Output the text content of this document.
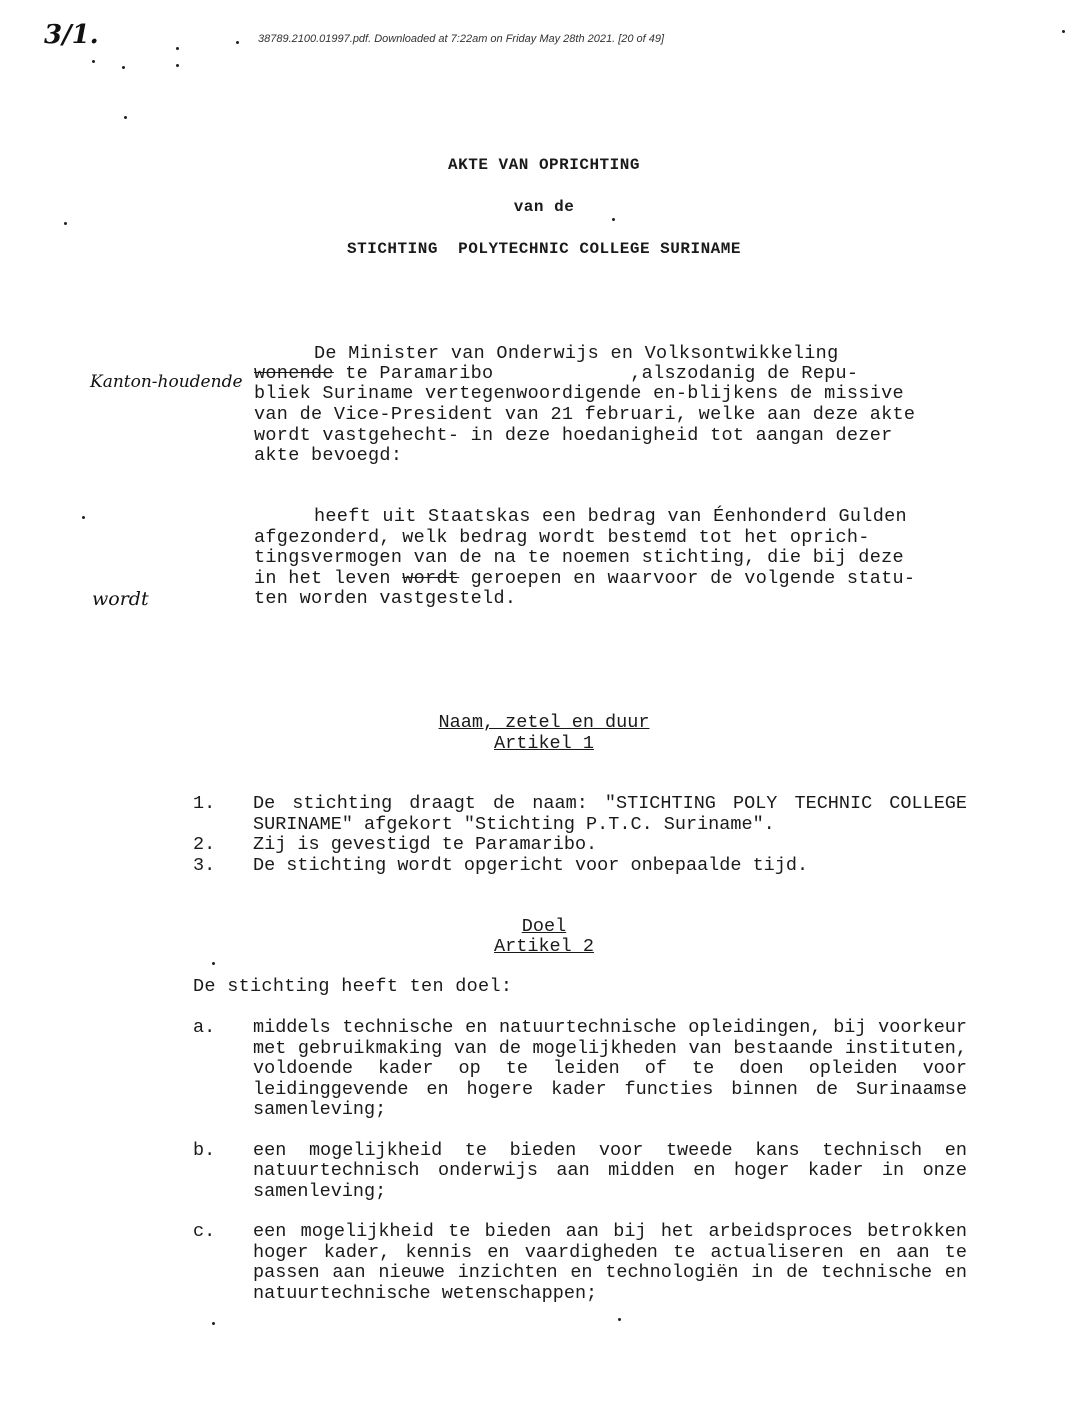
3/1.	38789.2100.01997.pdf. Downloaded at 7:22am on Friday May 28th 2021. [20 of 49]
AKTE VAN OPRICHTING
van de
STICHTING  POLYTECHNIC COLLEGE SURINAME
Kanton-houdende
wordt
De Minister van Onderwijs en Volksontwikkeling
wonende te Paramaribo            ,alszodanig de Repu-
bliek Suriname vertegenwoordigende en-blijkens de missive
van de Vice-President van 21 februari, welke aan deze akte
wordt vastgehecht- in deze hoedanigheid tot aangan dezer
akte bevoegd:
heeft uit Staatskas een bedrag van Éenhonderd Gulden
afgezonderd, welk bedrag wordt bestemd tot het oprich-
tingsvermogen van de na te noemen stichting, die bij deze
in het leven wordt geroepen en waarvoor de volgende statu-
ten worden vastgesteld.
Naam, zetel en duur
Artikel 1
1.	De stichting draagt de naam: "STICHTING POLY TECHNIC COLLEGE SURINAME" afgekort "Stichting P.T.C. Suriname".
2.	Zij is gevestigd te Paramaribo.
3.	De stichting wordt opgericht voor onbepaalde tijd.
Doel
Artikel 2
De stichting heeft ten doel:
a.	middels technische en natuurtechnische opleidingen, bij voorkeur met gebruikmaking van de mogelijkheden van bestaande instituten, voldoende kader op te leiden of te doen opleiden voor leidinggevende en hogere kader functies binnen de Surinaamse samenleving;
b.	een mogelijkheid te bieden voor tweede kans technisch en natuurtechnisch onderwijs aan midden en hoger kader in onze samenleving;
c.	een mogelijkheid te bieden aan bij het arbeidsproces betrokken hoger kader, kennis en vaardigheden te actualiseren en aan te passen aan nieuwe inzichten en technologiën in de technische en natuurtechnische wetenschappen;
